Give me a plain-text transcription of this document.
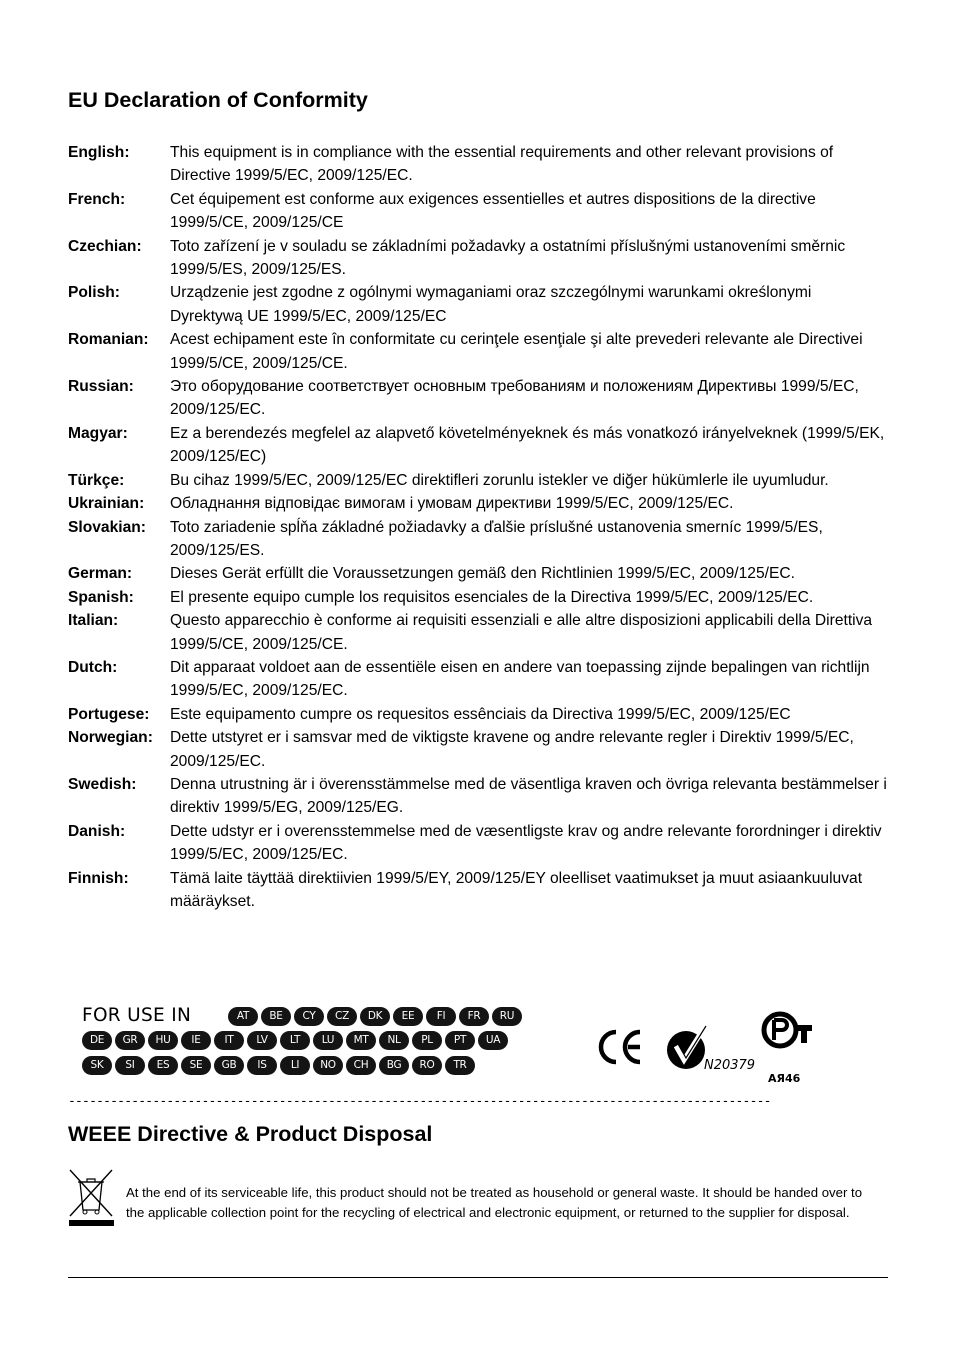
EU Declaration of Conformity
English:	This equipment is in compliance with the essential requirements and other relevant provisions of Directive 1999/5/EC, 2009/125/EC.
French:	Cet équipement est conforme aux exigences essentielles et autres dispositions de la directive 1999/5/CE, 2009/125/CE
Czechian:	Toto zařízení je v souladu se základními požadavky a ostatními příslušnými ustanoveními směrnic 1999/5/ES, 2009/125/ES.
Polish:	Urządzenie jest zgodne z ogólnymi wymaganiami oraz szczególnymi warunkami określonymi Dyrektywą UE 1999/5/EC, 2009/125/EC
Romanian:	Acest echipament este în conformitate cu cerinţele esenţiale şi alte prevederi relevante ale Directivei 1999/5/CE, 2009/125/CE.
Russian:	Это оборудование соответствует основным требованиям и положениям Директивы 1999/5/EC, 2009/125/EC.
Magyar:	Ez a berendezés megfelel az alapvető követelményeknek és más vonatkozó irányelveknek (1999/5/EK, 2009/125/EC)
Türkçe:	Bu cihaz 1999/5/EC, 2009/125/EC direktifleri zorunlu istekler ve diğer hükümlerle ile uyumludur.
Ukrainian:	Обладнання відповідає вимогам і умовам директиви 1999/5/ЕС, 2009/125/EC.
Slovakian:	Toto zariadenie spĺňa základné požiadavky a ďalšie príslušné ustanovenia smerníc 1999/5/ES, 2009/125/ES.
German:	Dieses Gerät erfüllt die Voraussetzungen gemäß den Richtlinien 1999/5/EC, 2009/125/EC.
Spanish:	El presente equipo cumple los requisitos esenciales de la Directiva 1999/5/EC, 2009/125/EC.
Italian:	Questo apparecchio è conforme ai requisiti essenziali e alle altre disposizioni applicabili della Direttiva 1999/5/CE, 2009/125/CE.
Dutch:	Dit apparaat voldoet aan de essentiële eisen en andere van toepassing zijnde bepalingen van richtlijn 1999/5/EC, 2009/125/EC.
Portugese:	Este equipamento cumpre os requesitos essênciais da Directiva 1999/5/EC, 2009/125/EC
Norwegian:	Dette utstyret er i samsvar med de viktigste kravene og andre relevante regler i Direktiv 1999/5/EC, 2009/125/EC.
Swedish:	Denna utrustning är i överensstämmelse med de väsentliga kraven och övriga relevanta bestämmelser i direktiv 1999/5/EG, 2009/125/EG.
Danish:	Dette udstyr er i overensstemmelse med de væsentligste krav og andre relevante forordninger i direktiv 1999/5/EC, 2009/125/EC.
Finnish:	Tämä laite täyttää direktiivien 1999/5/EY, 2009/125/EY oleelliset vaatimukset ja muut asiaankuuluvat määräykset.
FOR USE IN	AT	BE	CY	CZ	DK	EE	FI	FR	RU
DE	GR	HU	IE	IT	LV	LT	LU	MT	NL	PL	PT	UA
SK	SI	ES	SE	GB	IS	LI	NO	CH	BG	RO	TR	N20379
АЯ46
----------------------------------------------------------------------------------------------------
WEEE Directive & Product Disposal
At the end of its serviceable life, this product should not be treated as household or general waste. It should be handed over to the applicable collection point for the recycling of electrical and electronic equipment, or returned to the supplier for disposal.
